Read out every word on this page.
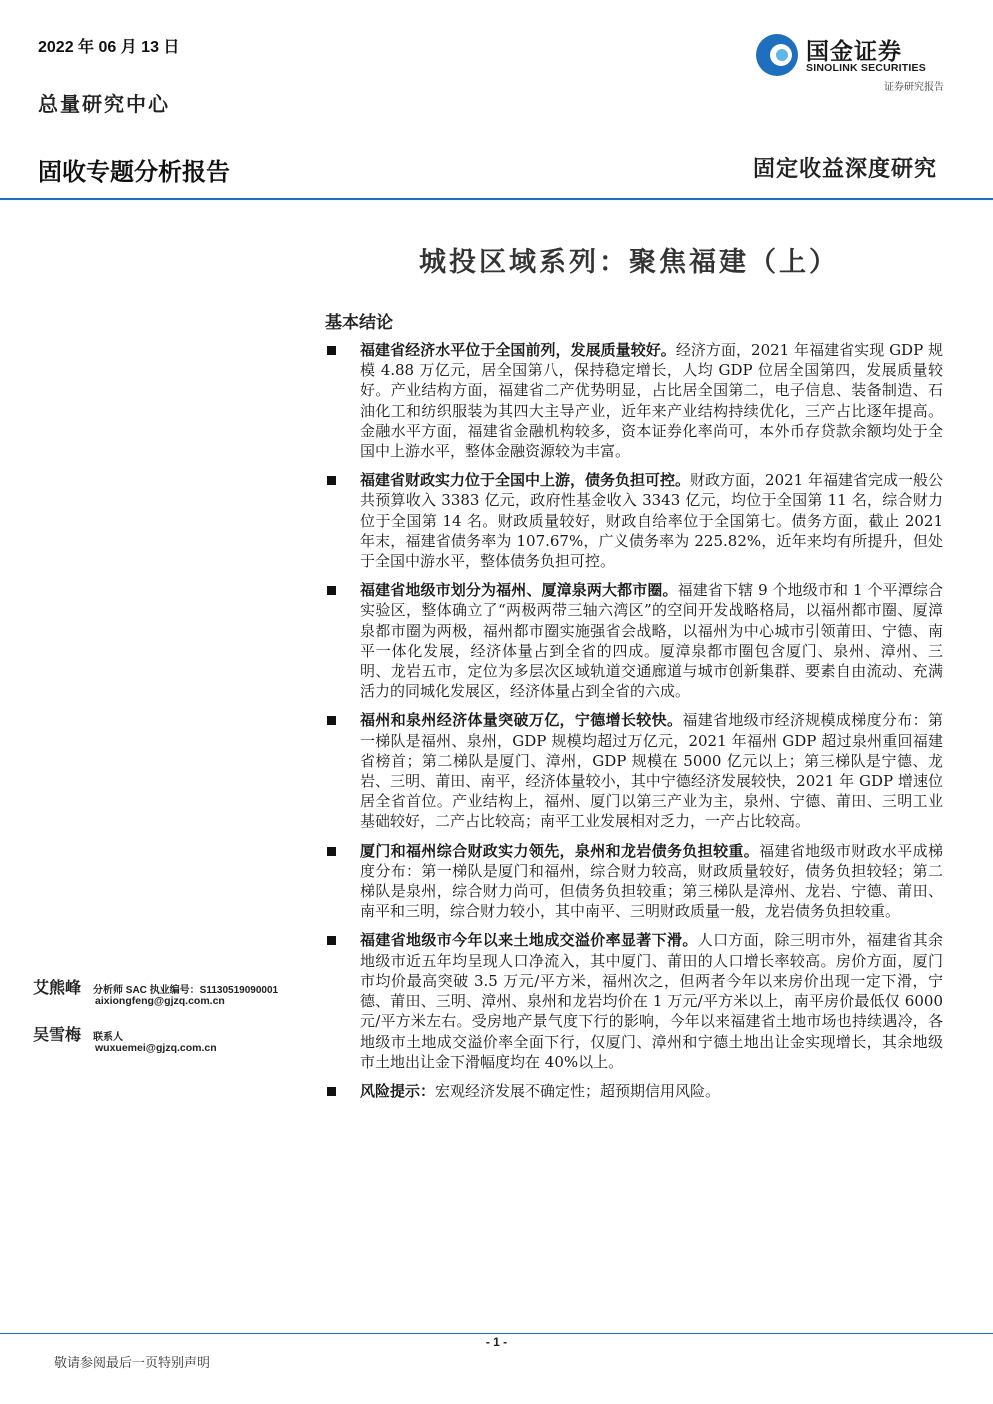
2022 年 06 月 13 日
总量研究中心
国金证券
SINOLINK SECURITIES
证券研究报告
固收专题分析报告	固定收益深度研究
城投区域系列：聚焦福建（上）
基本结论
福建省经济水平位于全国前列，发展质量较好。经济方面，2021 年福建省实现 GDP 规模 4.88 万亿元，居全国第八，保持稳定增长，人均 GDP 位居全国第四，发展质量较好。产业结构方面，福建省二产优势明显，占比居全国第二，电子信息、装备制造、石油化工和纺织服装为其四大主导产业，近年来产业结构持续优化，三产占比逐年提高。金融水平方面，福建省金融机构较多，资本证券化率尚可，本外币存贷款余额均处于全国中上游水平，整体金融资源较为丰富。
福建省财政实力位于全国中上游，债务负担可控。财政方面，2021 年福建省完成一般公共预算收入 3383 亿元，政府性基金收入 3343 亿元，均位于全国第 11 名，综合财力位于全国第 14 名。财政质量较好，财政自给率位于全国第七。债务方面，截止 2021 年末，福建省债务率为 107.67%，广义债务率为 225.82%，近年来均有所提升，但处于全国中游水平，整体债务负担可控。
福建省地级市划分为福州、厦漳泉两大都市圈。福建省下辖 9 个地级市和 1 个平潭综合实验区，整体确立了“两极两带三轴六湾区”的空间开发战略格局，以福州都市圈、厦漳泉都市圈为两极，福州都市圈实施强省会战略，以福州为中心城市引领莆田、宁德、南平一体化发展，经济体量占到全省的四成。厦漳泉都市圈包含厦门、泉州、漳州、三明、龙岩五市，定位为多层次区域轨道交通廊道与城市创新集群、要素自由流动、充满活力的同城化发展区，经济体量占到全省的六成。
福州和泉州经济体量突破万亿，宁德增长较快。福建省地级市经济规模成梯度分布：第一梯队是福州、泉州，GDP 规模均超过万亿元，2021 年福州 GDP 超过泉州重回福建省榜首；第二梯队是厦门、漳州，GDP 规模在 5000 亿元以上；第三梯队是宁德、龙岩、三明、莆田、南平，经济体量较小，其中宁德经济发展较快，2021 年 GDP 增速位居全省首位。产业结构上，福州、厦门以第三产业为主，泉州、宁德、莆田、三明工业基础较好，二产占比较高；南平工业发展相对乏力，一产占比较高。
厦门和福州综合财政实力领先，泉州和龙岩债务负担较重。福建省地级市财政水平成梯度分布：第一梯队是厦门和福州，综合财力较高，财政质量较好，债务负担较轻；第二梯队是泉州，综合财力尚可，但债务负担较重；第三梯队是漳州、龙岩、宁德、莆田、南平和三明，综合财力较小，其中南平、三明财政质量一般，龙岩债务负担较重。
福建省地级市今年以来土地成交溢价率显著下滑。人口方面，除三明市外，福建省其余地级市近五年均呈现人口净流入，其中厦门、莆田的人口增长率较高。房价方面，厦门市均价最高突破 3.5 万元/平方米，福州次之，但两者今年以来房价出现一定下滑，宁德、莆田、三明、漳州、泉州和龙岩均价在 1 万元/平方米以上，南平房价最低仅 6000 元/平方米左右。受房地产景气度下行的影响，今年以来福建省土地市场也持续遇冷，各地级市土地成交溢价率全面下行，仅厦门、漳州和宁德土地出让金实现增长，其余地级市土地出让金下滑幅度均在 40%以上。
风险提示：宏观经济发展不确定性；超预期信用风险。
艾熊峰 分析师 SAC 执业编号：S1130519090001
aixiongfeng@gjzq.com.cn
吴雪梅 联系人
wuxuemei@gjzq.com.cn
- 1 -
敬请参阅最后一页特别声明
